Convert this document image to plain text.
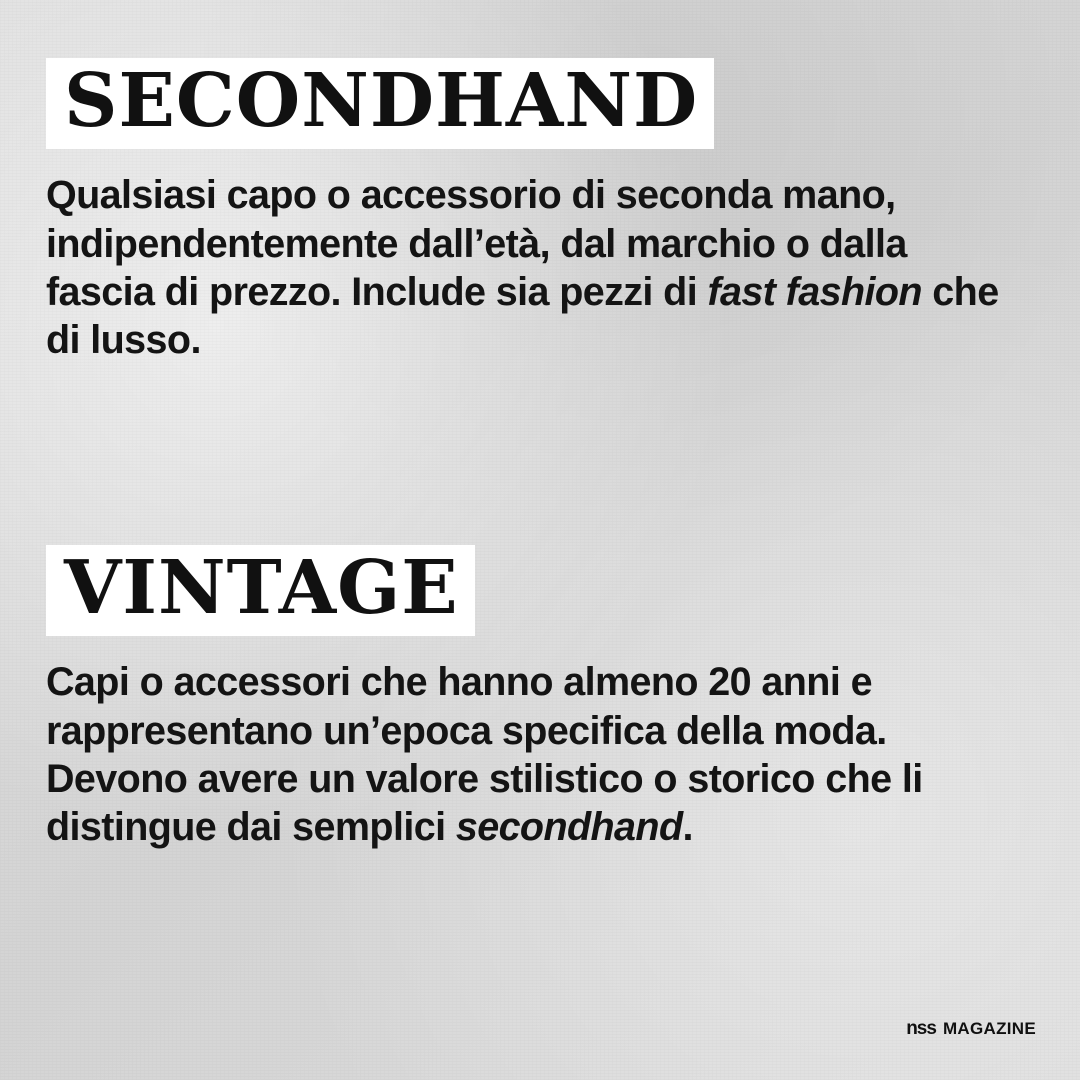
SECONDHAND
Qualsiasi capo o accessorio di seconda mano, indipendentemente dall’età, dal marchio o dalla fascia di prezzo. Include sia pezzi di fast fashion che di lusso.
VINTAGE
Capi o accessori che hanno almeno 20 anni e rappresentano un’epoca specifica della moda. Devono avere un valore stilistico o storico che li distingue dai semplici secondhand.
nss MAGAZINE
